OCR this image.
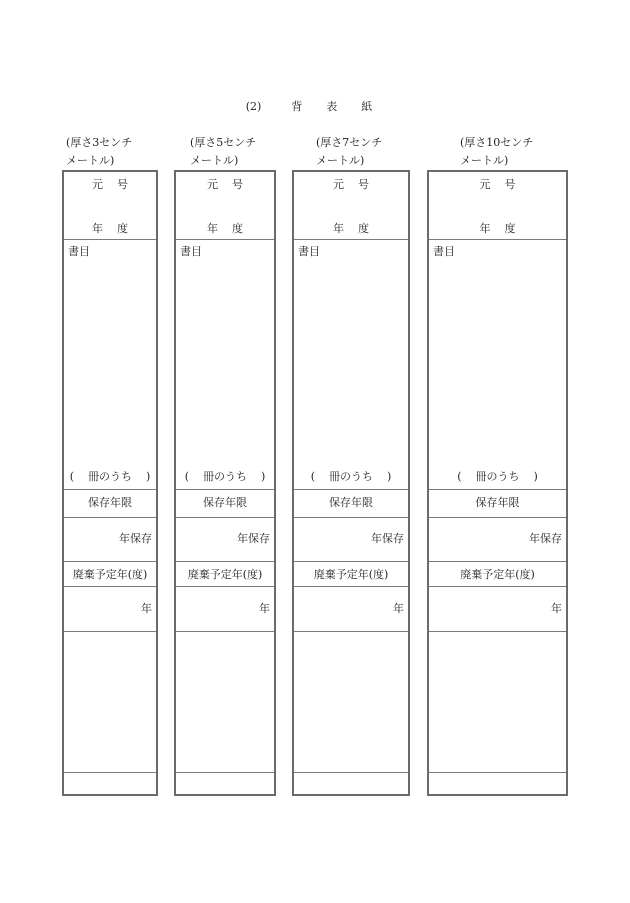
(2)	背 表 紙
(厚さ3センチ
メートル)
元 号
年 度
書目
( 冊のうち )
保存年限
年保存
廃棄予定年(度)
年
(厚さ5センチ
メートル)
元 号
年 度
書目
( 冊のうち )
保存年限
年保存
廃棄予定年(度)
年
(厚さ7センチ
メートル)
元 号
年 度
書目
( 冊のうち )
保存年限
年保存
廃棄予定年(度)
年
(厚さ10センチ
メートル)
元 号
年 度
書目
( 冊のうち )
保存年限
年保存
廃棄予定年(度)
年
